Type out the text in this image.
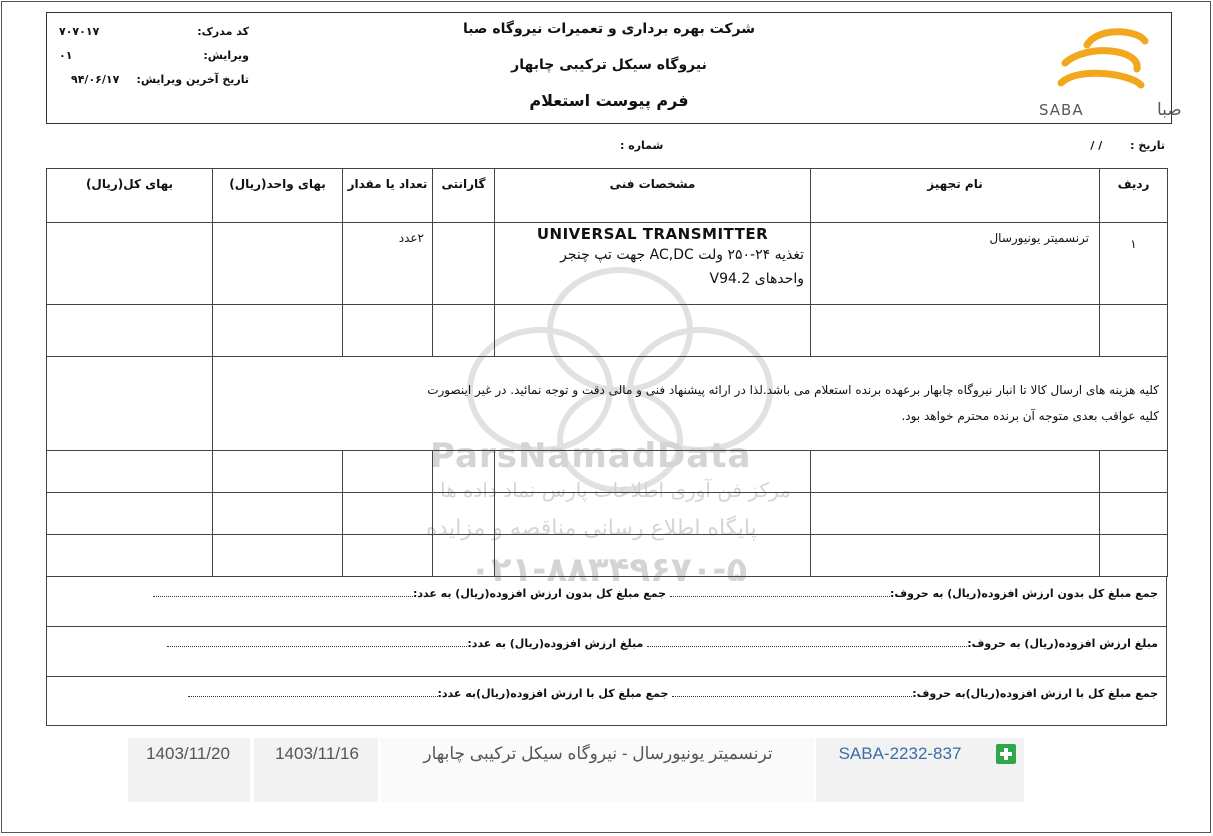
ParsNamadData
مرکز فن آوری اطلاعات پارس نماد داده ها
پایگاه اطلاع رسانی مناقصه و مزایده
۰۲۱-۸۸۳۴۹۶۷۰-۵
شرکت بهره برداری و تعمیرات نیروگاه صبا
نیروگاه سیکل ترکیبی چابهار
فرم پیوست استعلام	SABA	صبا
کد مدرک:
۷۰۷۰۱۷
ویرایش:
۰۱
تاریخ آخرین ویرایش:
۹۴/۰۶/۱۷
تاریخ : / /
شماره :
بهای کل(ریال)	بهای واحد(ریال)	تعداد یا مقدار	گارانتی	مشخصات فنی	نام تجهیز	ردیف
		۲عدد		UNIVERSAL TRANSMITTER
تغذیه ۲۴-۲۵۰ ولت AC,DC جهت تپ چنجر
واحدهای V94.2	ترنسمیتر یونیورسال	۱

	کلیه هزینه های ارسال کالا تا انبار نیروگاه چابهار برعهده برنده استعلام می باشد.لذا در ارائه پیشنهاد فنی و مالی دقت و توجه نمائید. در غیر اینصورت
کلیه عواقب بعدی متوجه آن برنده محترم خواهد بود.					

جمع مبلغ کل بدون ارزش افزوده(ریال) به حروف: جمع مبلغ کل بدون ارزش افزوده(ریال) به عدد:
مبلغ ارزش افزوده(ریال) به حروف: مبلغ ارزش افزوده(ریال) به عدد:
جمع مبلغ کل با ارزش افزوده(ریال)به حروف: جمع مبلغ کل با ارزش افزوده(ریال)به عدد:
1403/11/20	1403/11/16	ترنسمیتر یونیورسال - نیروگاه سیکل ترکیبی چابهار	SABA-2232-837
